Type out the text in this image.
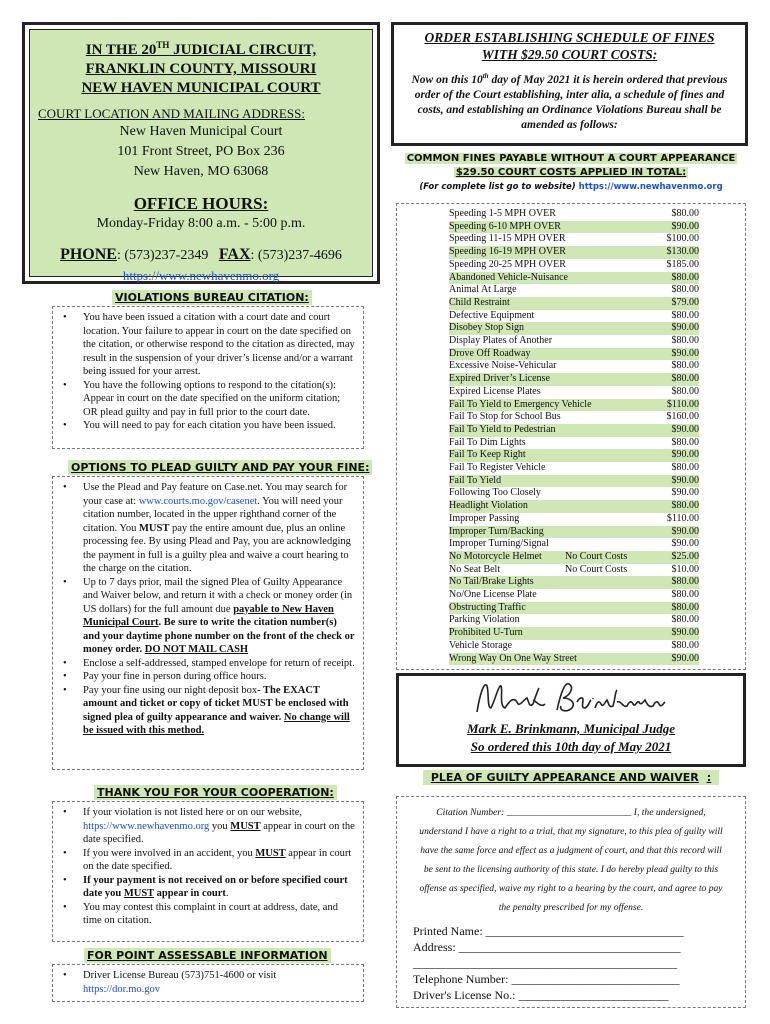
IN THE 20TH JUDICIAL CIRCUIT,
FRANKLIN COUNTY, MISSOURI
NEW HAVEN MUNICIPAL COURT
COURT LOCATION AND MAILING ADDRESS:
New Haven Municipal Court
101 Front Street, PO Box 236
New Haven, MO 63068
OFFICE HOURS:
Monday-Friday 8:00 a.m. - 5:00 p.m.
PHONE: (573)237-2349 FAX: (573)237-4696
https://www.newhavenmo.org
VIOLATIONS BUREAU CITATION:
• You have been issued a citation with a court date and court location. Your failure to appear in court on the date specified on the citation, or otherwise respond to the citation as directed, may result in the suspension of your driver’s license and/or a warrant being issued for your arrest.
• You have the following options to respond to the citation(s): Appear in court on the date specified on the uniform citation; OR plead guilty and pay in full prior to the court date.
• You will need to pay for each citation you have been issued.
OPTIONS TO PLEAD GUILTY AND PAY YOUR FINE:
• Use the Plead and Pay feature on Case.net. You may search for your case at: www.courts.mo.gov/casenet. You will need your citation number, located in the upper righthand corner of the citation. You MUST pay the entire amount due, plus an online processing fee. By using Plead and Pay, you are acknowledging the payment in full is a guilty plea and waive a court hearing to the charge on the citation.
• Up to 7 days prior, mail the signed Plea of Guilty Appearance and Waiver below, and return it with a check or money order (in US dollars) for the full amount due payable to New Haven Municipal Court. Be sure to write the citation number(s) and your daytime phone number on the front of the check or money order. DO NOT MAIL CASH
• Enclose a self-addressed, stamped envelope for return of receipt.
• Pay your fine in person during office hours.
• Pay your fine using our night deposit box- The EXACT amount and ticket or copy of ticket MUST be enclosed with signed plea of guilty appearance and waiver. No change will be issued with this method.
THANK YOU FOR YOUR COOPERATION:
• If your violation is not listed here or on our website, https://www.newhavenmo.org you MUST appear in court on the date specified.
• If you were involved in an accident, you MUST appear in court on the date specified.
• If your payment is not received on or before specified court date you MUST appear in court.
• You may contest this complaint in court at address, date, and time on citation.
FOR POINT ASSESSABLE INFORMATION
• Driver License Bureau (573)751-4600 or visit https://dor.mo.gov
ORDER ESTABLISHING SCHEDULE OF FINES
WITH $29.50 COURT COSTS:
Now on this 10th day of May 2021 it is herein ordered that previous order of the Court establishing, inter alia, a schedule of fines and costs, and establishing an Ordinance Violations Bureau shall be amended as follows:
COMMON FINES PAYABLE WITHOUT A COURT APPEARANCE
$29.50 COURT COSTS APPLIED IN TOTAL:
(For complete list go to website) https://www.newhavenmo.org
Speeding 1-5 MPH OVER	$80.00
Speeding 6-10 MPH OVER	$90.00
Speeding 11-15 MPH OVER	$100.00
Speeding 16-19 MPH OVER	$130.00
Speeding 20-25 MPH OVER	$185.00
Abandoned Vehicle-Nuisance	$80.00
Animal At Large	$80.00
Child Restraint	$79.00
Defective Equipment	$80.00
Disobey Stop Sign	$90.00
Display Plates of Another	$80.00
Drove Off Roadway	$90.00
Excessive Noise-Vehicular	$80.00
Expired Driver’s License	$80.00
Expired License Plates	$80.00
Fail To Yield to Emergency Vehicle	$110.00
Fail To Stop for School Bus	$160.00
Fail To Yield to Pedestrian	$90.00
Fail To Dim Lights	$80.00
Fail To Keep Right	$90.00
Fail To Register Vehicle	$80.00
Fail To Yield	$90.00
Following Too Closely	$90.00
Headlight Violation	$80.00
Improper Passing	$110.00
Improper Turn/Backing	$90.00
Improper Turning/Signal	$90.00
No Motorcycle Helmet No Court Costs	$25.00
No Seat Belt	No Court Costs	$10.00
No Tail/Brake Lights	$80.00
No/One License Plate	$80.00
Obstructing Traffic	$80.00
Parking Violation	$80.00
Prohibited U-Turn	$90.00
Vehicle Storage	$80.00
Wrong Way On One Way Street	$90.00
Mark E. Brinkmann, Municipal Judge
So ordered this 10th day of May 2021
PLEA OF GUILTY APPEARANCE AND WAIVER :
Citation Number: __________________________ I, the undersigned,
understand I have a right to a trial, that my signature, to this plea of guilty will
have the same force and effect as a judgment of court, and that this record will
be sent to the licensing authority of this state. I do hereby plead guilty to this
offense as specified, waive my right to a hearing by the court, and agree to pay
the penalty prescribed for my offense.
Printed Name: _________________________________
Address: _____________________________________
____________________________________________
Telephone Number: ____________________________
Driver's License No.: _________________________
